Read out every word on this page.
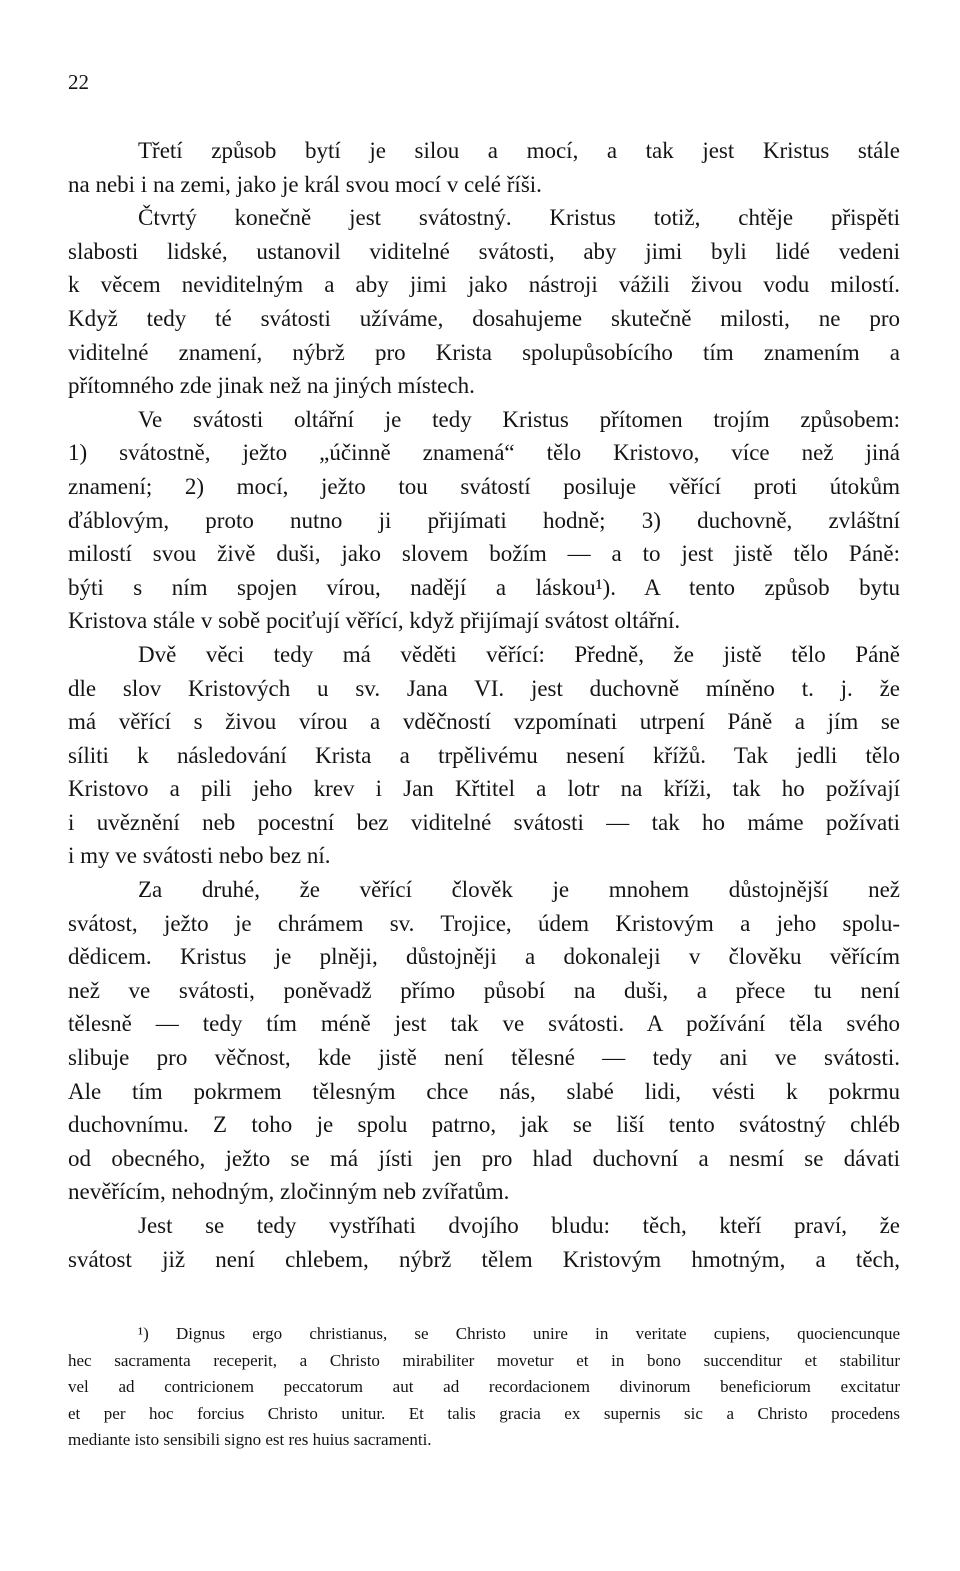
22
Třetí způsob bytí je silou a mocí, a tak jest Kristus stále
na nebi i na zemi, jako je král svou mocí v celé říši.
Čtvrtý konečně jest svátostný. Kristus totiž, chtěje přispěti
slabosti lidské, ustanovil viditelné svátosti, aby jimi byli lidé vedeni
k věcem neviditelným a aby jimi jako nástroji vážili živou vodu milostí.
Když tedy té svátosti užíváme, dosahujeme skutečně milosti, ne pro
viditelné znamení, nýbrž pro Krista spolupůsobícího tím znamením a
přítomného zde jinak než na jiných místech.
Ve svátosti oltářní je tedy Kristus přítomen trojím způsobem:
1) svátostně, ježto „účinně znamená“ tělo Kristovo, více než jiná
znamení; 2) mocí, ježto tou svátostí posiluje věřící proti útokům
ďáblovým, proto nutno ji přijímati hodně; 3) duchovně, zvláštní
milostí svou živě duši, jako slovem božím — a to jest jistě tělo Páně:
býti s ním spojen vírou, nadějí a láskou¹). A tento způsob bytu
Kristova stále v sobě pociťují věřící, když přijímají svátost oltářní.
Dvě věci tedy má věděti věřící: Předně, že jistě tělo Páně
dle slov Kristových u sv. Jana VI. jest duchovně míněno t. j. že
má věřící s živou vírou a vděčností vzpomínati utrpení Páně a jím se
síliti k následování Krista a trpělivému nesení křížů. Tak jedli tělo
Kristovo a pili jeho krev i Jan Křtitel a lotr na kříži, tak ho požívají
i uvěznění neb pocestní bez viditelné svátosti — tak ho máme požívati
i my ve svátosti nebo bez ní.
Za druhé, že věřící člověk je mnohem důstojnější než
svátost, ježto je chrámem sv. Trojice, údem Kristovým a jeho spolu-
dědicem. Kristus je plněji, důstojněji a dokonaleji v člověku věřícím
než ve svátosti, poněvadž přímo působí na duši, a přece tu není
tělesně — tedy tím méně jest tak ve svátosti. A požívání těla svého
slibuje pro věčnost, kde jistě není tělesné — tedy ani ve svátosti.
Ale tím pokrmem tělesným chce nás, slabé lidi, vésti k pokrmu
duchovnímu. Z toho je spolu patrno, jak se liší tento svátostný chléb
od obecného, ježto se má jísti jen pro hlad duchovní a nesmí se dávati
nevěřícím, nehodným, zločinným neb zvířatům.
Jest se tedy vystříhati dvojího bludu: těch, kteří praví, že
svátost již není chlebem, nýbrž tělem Kristovým hmotným, a těch,
¹) Dignus ergo christianus, se Christo unire in veritate cupiens, quociencunque
hec sacramenta receperit, a Christo mirabiliter movetur et in bono succenditur et stabilitur
vel ad contricionem peccatorum aut ad recordacionem divinorum beneficiorum excitatur
et per hoc forcius Christo unitur. Et talis gracia ex supernis sic a Christo procedens
mediante isto sensibili signo est res huius sacramenti.
